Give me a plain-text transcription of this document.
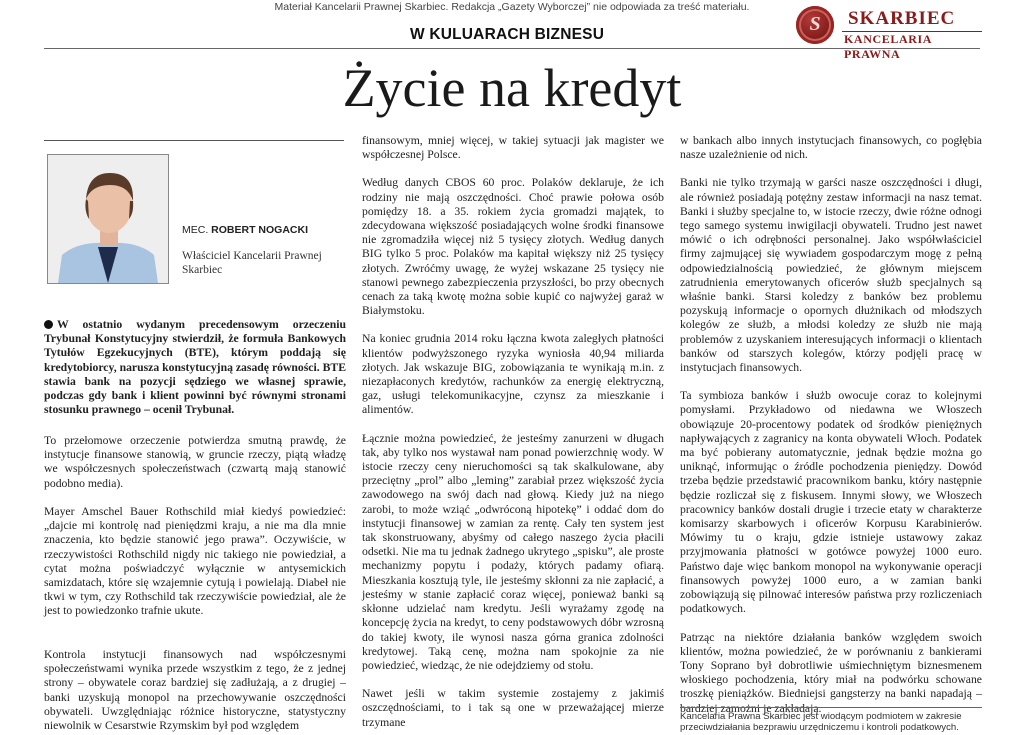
Materiał Kancelarii Prawnej Skarbiec. Redakcja „Gazety Wyborczej” nie odpowiada za treść materiału.
W KULUARACH BIZNESU	S	SKARBIEC
KANCELARIA PRAWNA
Życie na kredyt
MEC. ROBERT NOGACKI
Właściciel Kancelarii Prawnej Skarbiec
W ostatnio wydanym precedensowym orzeczeniu Trybunał Konstytucyjny stwierdził, że formuła Bankowych Tytułów Egzekucyjnych (BTE), którym poddają się kredytobiorcy, narusza konstytucyjną zasadę równości. BTE stawia bank na pozycji sędziego we własnej sprawie, podczas gdy bank i klient powinni być równymi stronami stosunku prawnego – ocenił Trybunał.

To przełomowe orzeczenie potwierdza smutną prawdę, że instytucje finansowe stanowią, w gruncie rzeczy, piątą władzę we współczesnych społeczeństwach (czwartą mają stanowić podobno media).

Mayer Amschel Bauer Rothschild miał kiedyś powiedzieć: „dajcie mi kontrolę nad pieniędzmi kraju, a nie ma dla mnie znaczenia, kto będzie stanowić jego prawa”. Oczywiście, w rzeczywistości Rothschild nigdy nic takiego nie powiedział, a cytat można poświadczyć wyłącznie w antysemickich samizdatach, które się wzajemnie cytują i powielają. Diabeł nie tkwi w tym, czy Rothschild tak rzeczywiście powiedział, ale że jest to powiedzonko trafnie ukute.

Kontrola instytucji finansowych nad współczesnymi społeczeństwami wynika przede wszystkim z tego, że z jednej strony – obywatele coraz bardziej się zadłużają, a z drugiej – banki uzyskują monopol na przechowywanie oszczędności obywateli. Uwzględniając różnice historyczne, statystyczny niewolnik w Cesarstwie Rzymskim był pod względem

finansowym, mniej więcej, w takiej sytuacji jak magister we współczesnej Polsce.

Według danych CBOS 60 proc. Polaków deklaruje, że ich rodziny nie mają oszczędności. Choć prawie połowa osób pomiędzy 18. a 35. rokiem życia gromadzi majątek, to zdecydowana większość posiadających wolne środki finansowe nie zgromadziła więcej niż 5 tysięcy złotych. Według danych BIG tylko 5 proc. Polaków ma kapitał większy niż 25 tysięcy złotych. Zwróćmy uwagę, że wyżej wskazane 25 tysięcy nie stanowi pewnego zabezpieczenia przyszłości, bo przy obecnych cenach za taką kwotę można sobie kupić co najwyżej garaż w Białymstoku.

Na koniec grudnia 2014 roku łączna kwota zaległych płatności klientów podwyższonego ryzyka wyniosła 40,94 miliarda złotych. Jak wskazuje BIG, zobowiązania te wynikają m.in. z niezapłaconych kredytów, rachunków za energię elektryczną, gaz, usługi telekomunikacyjne, czynsz za mieszkanie i alimentów.

Łącznie można powiedzieć, że jesteśmy zanurzeni w długach tak, aby tylko nos wystawał nam ponad powierzchnię wody. W istocie rzeczy ceny nieruchomości są tak skalkulowane, aby przeciętny „prol” albo „leming” zarabiał przez większość życia zawodowego na swój dach nad głową. Kiedy już na niego zarobi, to może wziąć „odwróconą hipotekę” i oddać dom do instytucji finansowej w zamian za rentę. Cały ten system jest tak skonstruowany, abyśmy od całego naszego życia płacili odsetki. Nie ma tu jednak żadnego ukrytego „spisku”, ale proste mechanizmy popytu i podaży, których padamy ofiarą. Mieszkania kosztują tyle, ile jesteśmy skłonni za nie zapłacić, a jesteśmy w stanie zapłacić coraz więcej, ponieważ banki są skłonne udzielać nam kredytu. Jeśli wyrażamy zgodę na koncepcję życia na kredyt, to ceny podstawowych dóbr wzrosną do takiej kwoty, ile wynosi nasza górna granica zdolności kredytowej. Taką cenę, można nam spokojnie za nie powiedzieć, wiedząc, że nie odejdziemy od stołu.

Nawet jeśli w takim systemie zostajemy z jakimiś oszczędnościami, to i tak są one w przeważającej mierze trzymane

w bankach albo innych instytucjach finansowych, co pogłębia nasze uzależnienie od nich.

Banki nie tylko trzymają w garści nasze oszczędności i długi, ale również posiadają potężny zestaw informacji na nasz temat. Banki i służby specjalne to, w istocie rzeczy, dwie różne odnogi tego samego systemu inwigilacji obywateli. Trudno jest nawet mówić o ich odrębności personalnej. Jako współwłaściciel firmy zajmującej się wywiadem gospodarczym mogę z pełną odpowiedzialnością powiedzieć, że głównym miejscem zatrudnienia emerytowanych oficerów służb specjalnych są właśnie banki. Starsi koledzy z banków bez problemu pozyskują informacje o opornych dłużnikach od młodszych kolegów ze służb, a młodsi koledzy ze służb nie mają problemów z uzyskaniem interesujących informacji o klientach banków od starszych kolegów, którzy podjęli pracę w instytucjach finansowych.

Ta symbioza banków i służb owocuje coraz to kolejnymi pomysłami. Przykładowo od niedawna we Włoszech obowiązuje 20-procentowy podatek od środków pieniężnych napływających z zagranicy na konta obywateli Włoch. Podatek ma być pobierany automatycznie, jednak będzie można go uniknąć, informując o źródle pochodzenia pieniędzy. Dowód trzeba będzie przedstawić pracownikom banku, który następnie będzie rozliczał się z fiskusem. Innymi słowy, we Włoszech pracownicy banków dostali drugie i trzecie etaty w charakterze komisarzy skarbowych i oficerów Korpusu Karabinierów. Mówimy tu o kraju, gdzie istnieje ustawowy zakaz przyjmowania płatności w gotówce powyżej 1000 euro. Państwo daje więc bankom monopol na wykonywanie operacji finansowych powyżej 1000 euro, a w zamian banki zobowiązują się pilnować interesów państwa przy rozliczeniach podatkowych.

Patrząc na niektóre działania banków względem swoich klientów, można powiedzieć, że w porównaniu z bankierami Tony Soprano był dobrotliwie uśmiechniętym biznesmenem włoskiego pochodzenia, który miał na podwórku schowane troszkę pieniążków. Biedniejsi gangsterzy na banki napadają – bardziej zamożni je zakładają.

Kancelaria Prawna Skarbiec jest wiodącym podmiotem w zakresie przeciwdziałania bezprawiu urzędniczemu i kontroli podatkowych.
